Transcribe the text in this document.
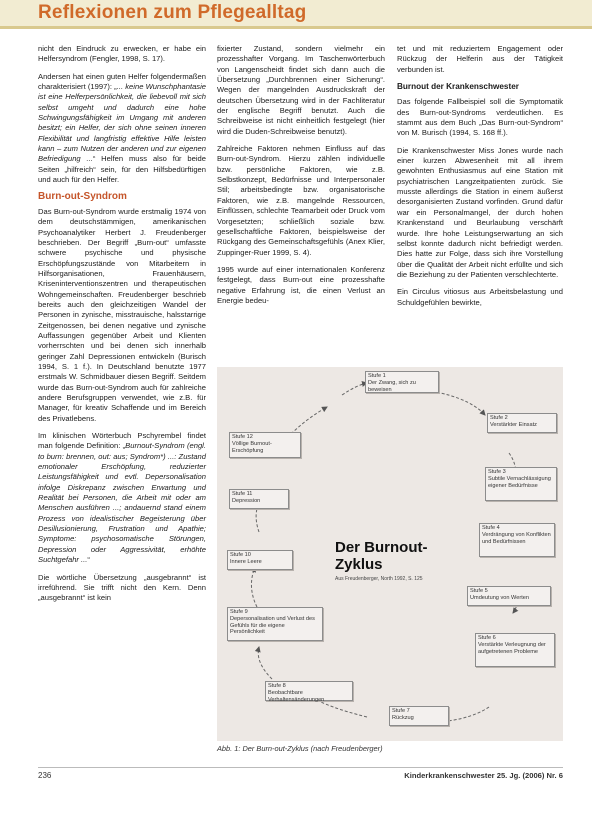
Reflexionen zum Pflegealltag

nicht den Eindruck zu erwecken, er habe ein Helfersyndrom (Fengler, 1998, S. 17).

Andersen hat einen guten Helfer folgendermaßen charakterisiert (1997): „... keine Wunschphantasie ist eine Helferpersönlichkeit, die liebevoll mit sich selbst umgeht und dadurch eine hohe Schwingungsfähigkeit im Umgang mit anderen besitzt; ein Helfer, der sich ohne seinen inneren Flexibilität und langfristig effektive Hilfe leisten kann – zum Nutzen der anderen und zur eigenen Befriedigung ...“ Helfen muss also für beide Seiten „hilfreich“ sein, für den Hilfsbedürftigen und auch für den Helfer.

Burn-out-Syndrom

Das Burn-out-Syndrom wurde erstmalig 1974 von dem deutschstämmigen, amerikanischen Psychoanalytiker Herbert J. Freudenberger beschrieben. Der Begriff „Burn-out“ umfasste schwere psychische und physische Erschöpfungszustände von Mitarbeitern in Hilfsorganisationen, Frauenhäusern, Kriseninterventionszentren und therapeutischen Wohngemeinschaften. Freudenberger beschrieb bereits auch den gleichzeitigen Wandel der Personen in zynische, misstrauische, halsstarrige Zeitgenossen, bei denen negative und zynische Auffassungen gegenüber Arbeit und Klienten vorherrschten und bei denen sich innerhalb geringer Zahl Depressionen entwickeln (Burisch 1994, S. 1 f.). In Deutschland benutzte 1977 erstmals W. Schmidbauer diesen Begriff. Seitdem wurde das Burn-out-Syndrom auch für zahlreiche andere Berufsgruppen verwendet, wie z.B. für Manager, für kreativ Schaffende und im Bereich des Privatlebens.

Im klinischen Wörterbuch Pschyrembel findet man folgende Definition: „Burnout-Syndrom (engl. to burn: brennen, out: aus; Syndrom*) ...: Zustand emotionaler Erschöpfung, reduzierter Leistungsfähigkeit und evtl. Depersonalisation infolge Diskrepanz zwischen Erwartung und Realität bei Personen, die Arbeit mit oder am Menschen ausführen ...; andauernd stand einem Prozess von idealistischer Begeisterung über Desillusionierung, Frustration und Apathie; Symptome: psychosomatische Störungen, Depression oder Aggressivität, erhöhte Suchtgefahr ...“

Die wörtliche Übersetzung „ausgebrannt“ ist irreführend. Sie trifft nicht den Kern. Denn „ausgebrannt“ ist kein

fixierter Zustand, sondern vielmehr ein prozesshafter Vorgang. Im Taschenwörterbuch von Langenscheidt findet sich dann auch die Übersetzung „Durchbrennen einer Sicherung“. Wegen der mangelnden Ausdruckskraft der deutschen Übersetzung wird in der Fachliteratur der englische Begriff benutzt. Auch die Schreibweise ist nicht einheitlich festgelegt (hier wird die Duden-Schreibweise benutzt).

Zahlreiche Faktoren nehmen Einfluss auf das Burn-out-Syndrom. Hierzu zählen individuelle bzw. persönliche Faktoren, wie z.B. Selbstkonzept, Bedürfnisse und Interpersonaler Stil; arbeitsbedingte bzw. organisatorische Faktoren, wie z.B. mangelnde Ressourcen, Einflüssen, schlechte Teamarbeit oder Druck vom Vorgesetzten; schließlich soziale bzw. gesellschaftliche Faktoren, beispielsweise der Rückgang des Gemeinschaftsgefühls (Anex Klier, Zuppinger-Ruer 1999, S. 4).

1995 wurde auf einer internationalen Konferenz festgelegt, dass Burn-out eine prozesshafte negative Erfahrung ist, die einen Verlust an Energie bedeu-

tet und mit reduziertem Engagement oder Rückzug der Helferin aus der Tätigkeit verbunden ist.

Burnout der Krankenschwester

Das folgende Fallbeispiel soll die Symptomatik des Burn-out-Syndroms verdeutlichen. Es stammt aus dem Buch „Das Burn-out-Syndrom“ von M. Burisch (1994, S. 168 ff.).

Die Krankenschwester Miss Jones wurde nach einer kurzen Abwesenheit mit all ihrem gewohnten Enthusiasmus auf eine Station mit psychiatrischen Langzeitpatienten zurück. Sie musste allerdings die Station in einem äußerst desorganisierten Zustand vorfinden. Grund dafür war ein Personalmangel, der durch hohen Krankenstand und Beurlaubung verschärft wurde. Ihre hohe Leistungserwartung an sich selbst konnte dadurch nicht befriedigt werden. Dies hatte zur Folge, dass sich ihre Vorstellung über die Qualität der Arbeit nicht erfüllte und sich die Beziehung zu der Patienten verschlechterte.

Ein Circulus vitiosus aus Arbeitsbelastung und Schuldgefühlen bewirkte,

Stufe 1
Der Zwang, sich zu beweisen
Stufe 2
Verstärkter Einsatz
Stufe 3
Subtile Vernachlässigung eigener Bedürfnisse
Stufe 4
Verdrängung von Konflikten und Bedürfnissen
Stufe 5
Umdeutung von Werten
Stufe 6
Verstärkte Verleugnung der aufgetretenen Probleme
Stufe 7
Rückzug
Stufe 8
Beobachtbare Verhaltensänderungen
Stufe 9
Depersonalisation und Verlust des Gefühls für die eigene Persönlichkeit
Stufe 10
Innere Leere
Stufe 11
Depression
Stufe 12
Völlige Burnout-Erschöpfung
Der Burnout-
Zyklus
Aus Freudenberger, North 1992, S. 125
Abb. 1: Der Burn-out-Zyklus (nach Freudenberger)
236	Kinderkrankenschwester 25. Jg. (2006) Nr. 6
